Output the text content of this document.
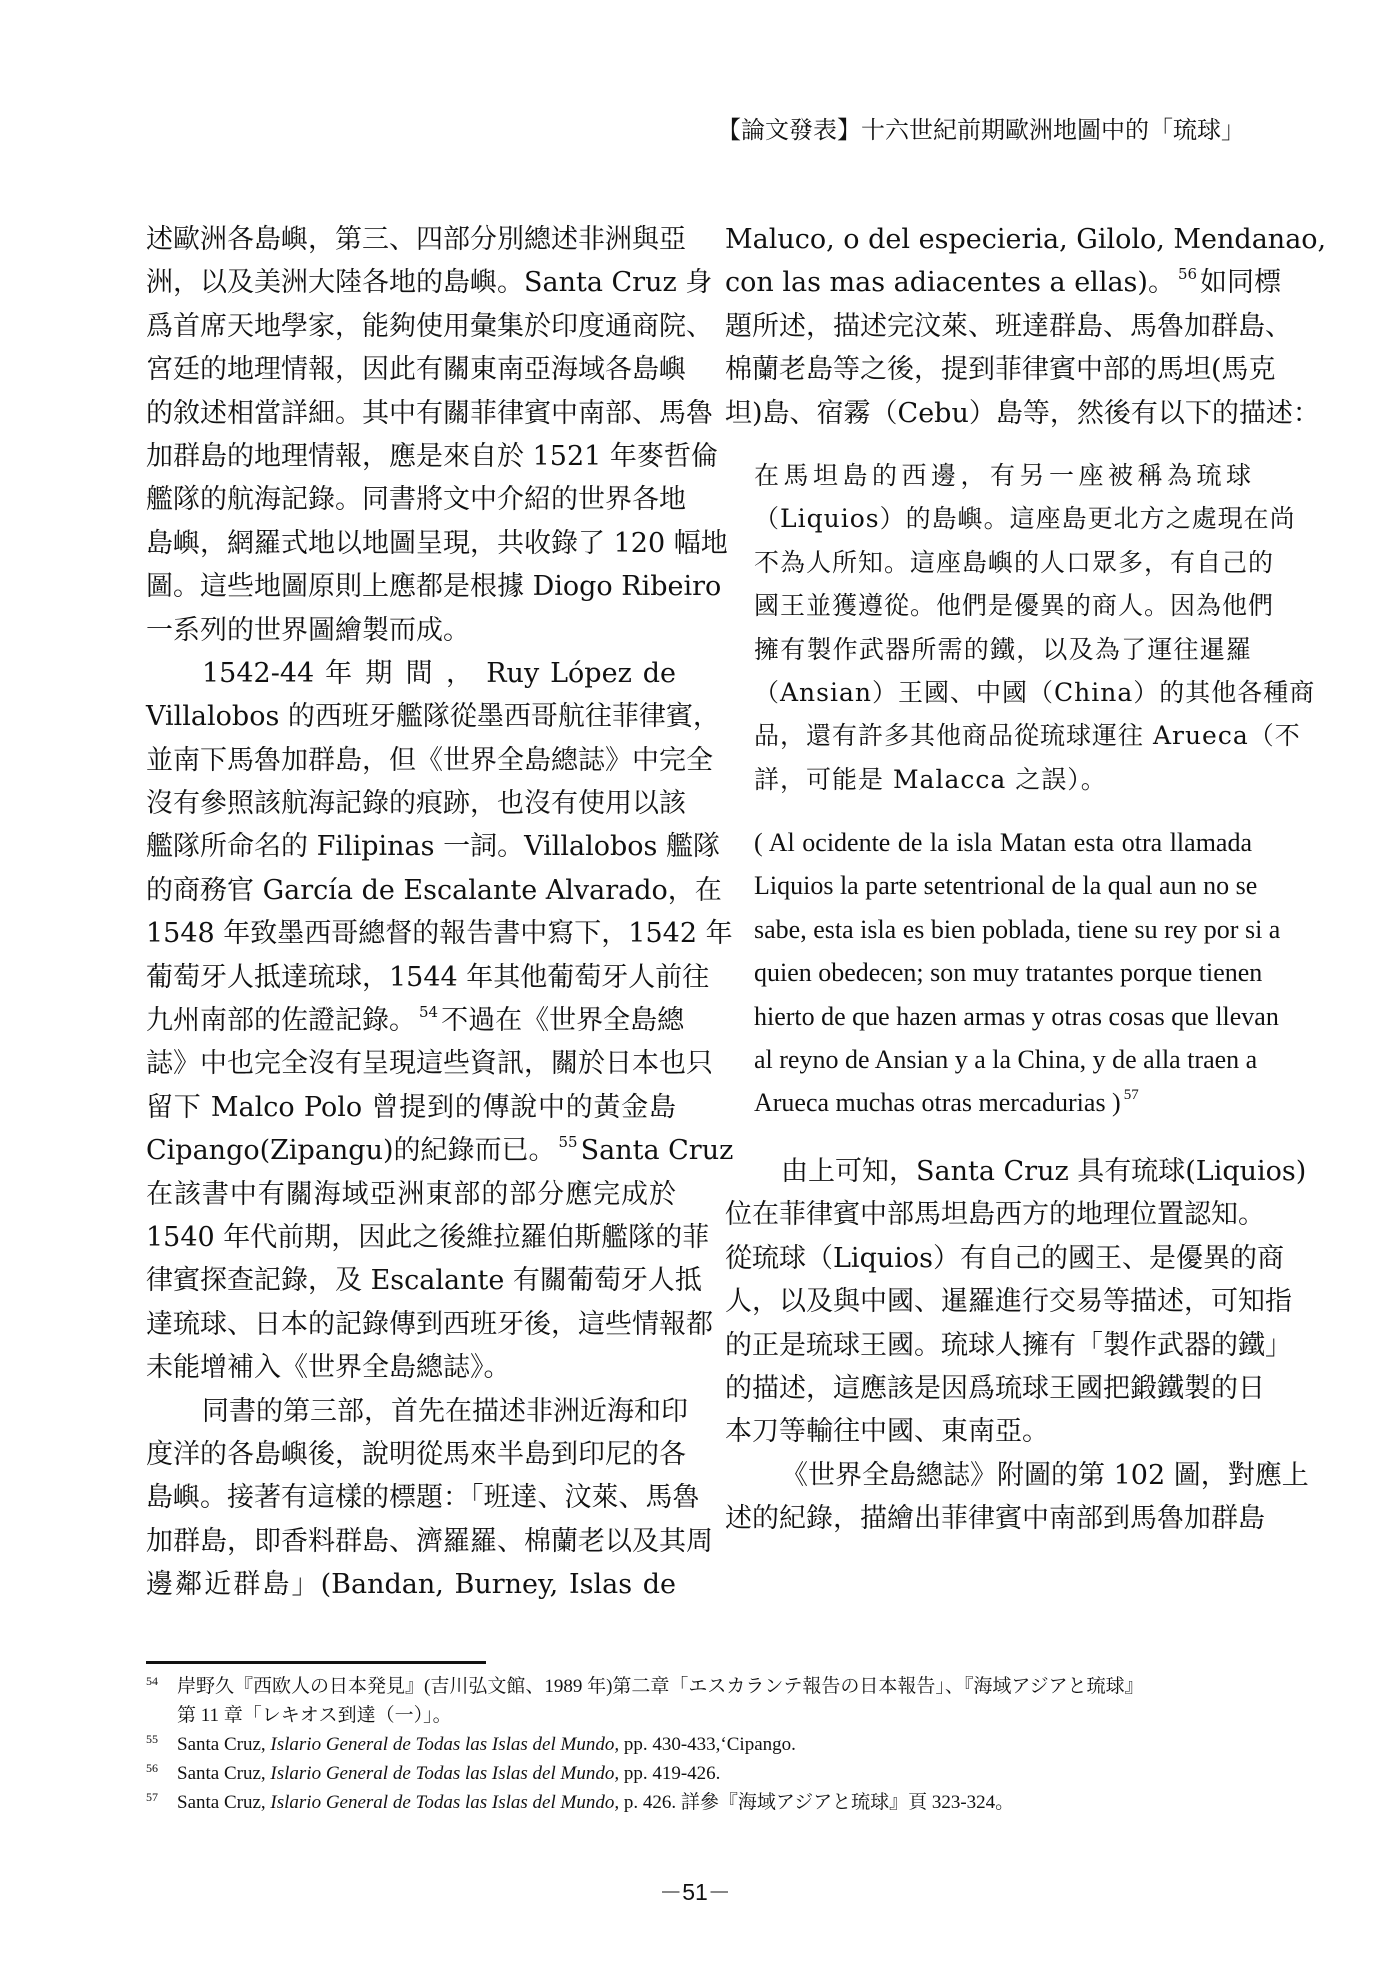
【論文發表】十六世紀前期歐洲地圖中的「琉球」
述歐洲各島嶼，第三、四部分別總述非洲與亞
洲，以及美洲大陸各地的島嶼。Santa Cruz 身
爲首席天地學家，能夠使用彙集於印度通商院、
宮廷的地理情報，因此有關東南亞海域各島嶼
的敘述相當詳細。其中有關菲律賓中南部、馬魯
加群島的地理情報，應是來自於 1521 年麥哲倫
艦隊的航海記錄。同書將文中介紹的世界各地
島嶼，網羅式地以地圖呈現，共收錄了 120 幅地
圖。這些地圖原則上應都是根據 Diogo Ribeiro
一系列的世界圖繪製而成。
1542-44 年 期 間 ， Ruy López de
Villalobos 的西班牙艦隊從墨西哥航往菲律賓，
並南下馬魯加群島，但《世界全島總誌》中完全
沒有參照該航海記錄的痕跡，也沒有使用以該
艦隊所命名的 Filipinas 一詞。Villalobos 艦隊
的商務官 García de Escalante Alvarado，在
1548 年致墨西哥總督的報告書中寫下，1542 年
葡萄牙人抵達琉球，1544 年其他葡萄牙人前往
九州南部的佐證記錄。 $^{54}$ 不過在《世界全島總
誌》中也完全沒有呈現這些資訊，關於日本也只
留下 Malco Polo 曾提到的傳說中的黃金島
Cipango(Zipangu)的紀錄而已。 $^{55}$ Santa Cruz
在該書中有關海域亞洲東部的部分應完成於
1540 年代前期，因此之後維拉羅伯斯艦隊的菲
律賓探查記錄，及 Escalante 有關葡萄牙人抵
達琉球、日本的記錄傳到西班牙後，這些情報都
未能增補入《世界全島總誌》。
同書的第三部，首先在描述非洲近海和印
度洋的各島嶼後，說明從馬來半島到印尼的各
島嶼。接著有這樣的標題：「班達、汶萊、馬魯
加群島，即香料群島、濟羅羅、棉蘭老以及其周
邊鄰近群島」(Bandan, Burney, Islas de
Maluco, o del especieria, Gilolo, Mendanao,
con las mas adiacentes a ellas)。 $^{56}$ 如同標
題所述，描述完汶萊、班達群島、馬魯加群島、
棉蘭老島等之後，提到菲律賓中部的馬坦(馬克
坦)島、宿霧（Cebu）島等，然後有以下的描述：
在馬坦島的西邊，有另一座被稱為琉球
（Liquios）的島嶼。這座島更北方之處現在尚
不為人所知。這座島嶼的人口眾多，有自己的
國王並獲遵從。他們是優異的商人。因為他們
擁有製作武器所需的鐵，以及為了運往暹羅
（Ansian）王國、中國（China）的其他各種商
品，還有許多其他商品從琉球運往 Arueca（不
詳，可能是 Malacca 之誤）。
( Al ocidente de la isla Matan esta otra llamada
Liquios la parte setentrional de la qual aun no se
sabe, esta isla es bien poblada, tiene su rey por si a
quien obedecen; son muy tratantes porque tienen
hierto de que hazen armas y otras cosas que llevan
al reyno de Ansian y a la China, y de alla traen a
Arueca muchas otras mercadurias ) $^{57}$
由上可知，Santa Cruz 具有琉球(Liquios)
位在菲律賓中部馬坦島西方的地理位置認知。
從琉球（Liquios）有自己的國王、是優異的商
人，以及與中國、暹羅進行交易等描述，可知指
的正是琉球王國。琉球人擁有「製作武器的鐵」
的描述，這應該是因爲琉球王國把鍛鐵製的日
本刀等輸往中國、東南亞。
《世界全島總誌》附圖的第 102 圖，對應上
述的紀錄，描繪出菲律賓中南部到馬魯加群島
54 岸野久『西欧人の日本発見』(吉川弘文館、1989 年)第二章「エスカランテ報告の日本報告」、『海域アジアと琉球』
第 11 章「レキオス到達（一）」。
55 Santa Cruz, Islario General de Todas las Islas del Mundo, pp. 430-433,‘Cipango.
56 Santa Cruz, Islario General de Todas las Islas del Mundo, pp. 419-426.
57 Santa Cruz, Islario General de Todas las Islas del Mundo, p. 426. 詳參『海域アジアと琉球』頁 323-324。
－51－
